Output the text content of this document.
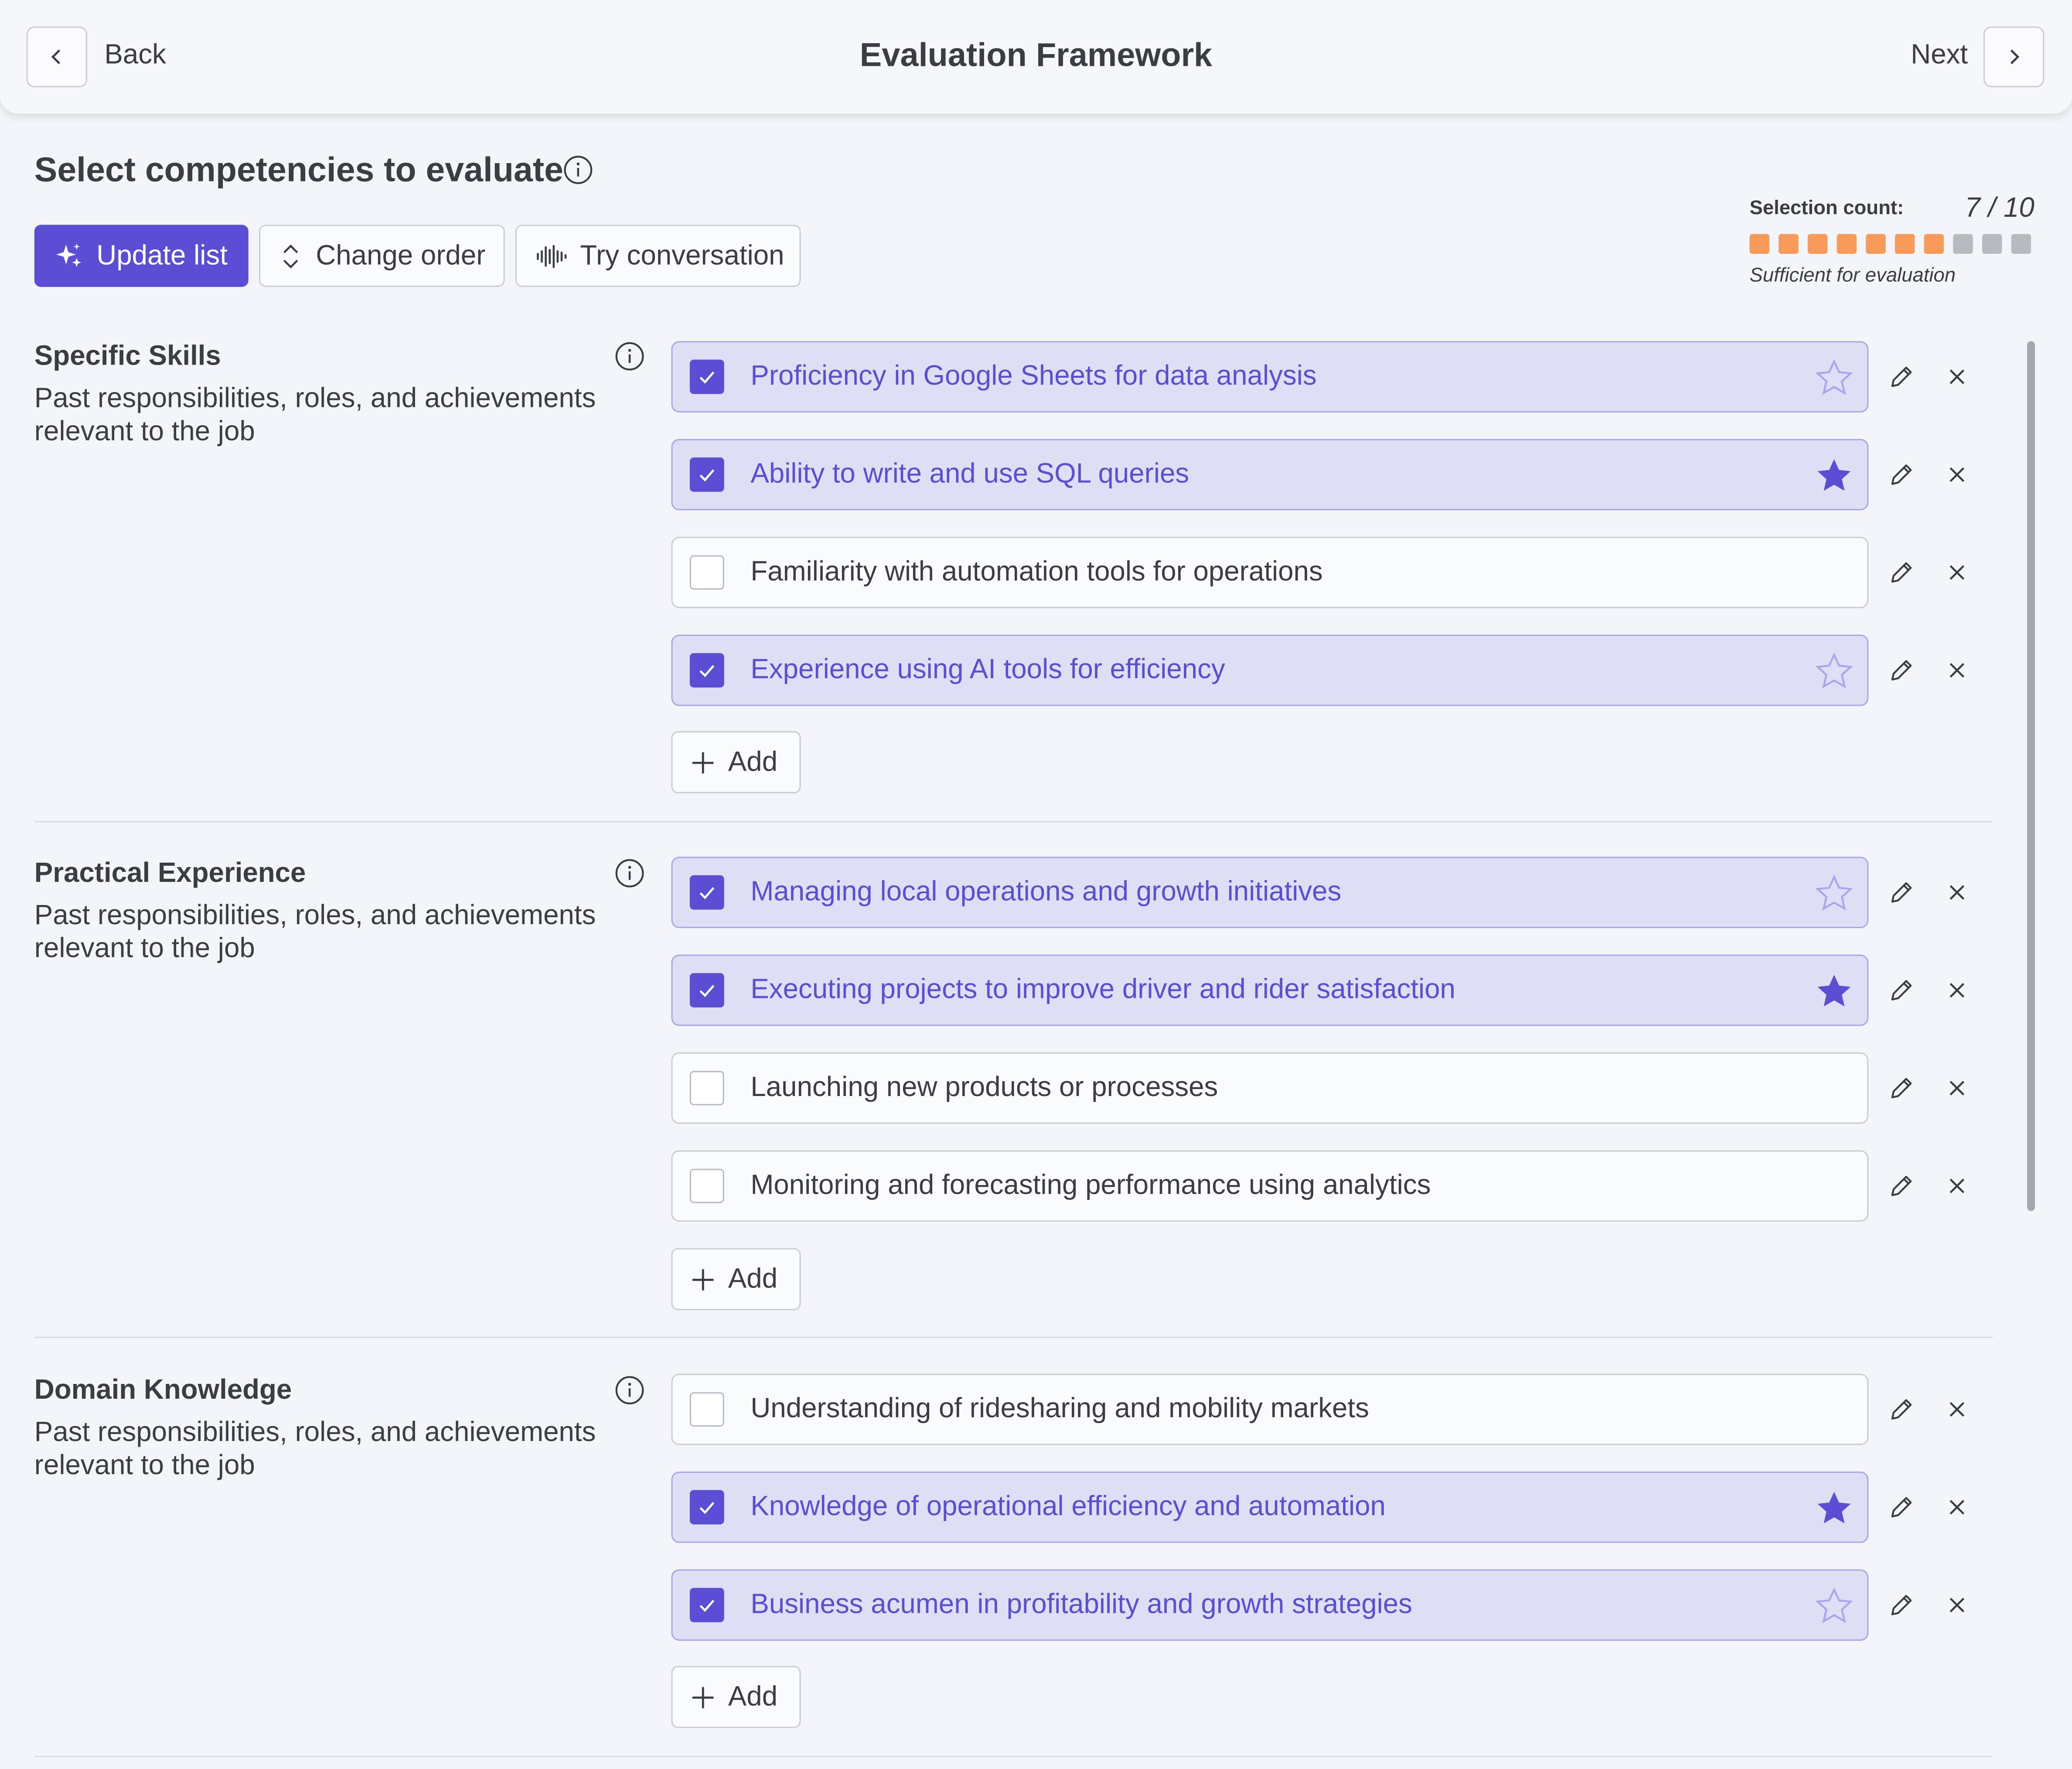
Back	Evaluation Framework	Next
Select competencies to evaluate
Update list	Change order	Try conversation
Selection count:	7 / 10
Sufficient for evaluation
Specific Skills
Past responsibilities, roles, and achievements relevant to the job
Proficiency in Google Sheets for data analysis
Ability to write and use SQL queries
Familiarity with automation tools for operations
Experience using AI tools for efficiency
Add
Practical Experience
Past responsibilities, roles, and achievements relevant to the job
Managing local operations and growth initiatives
Executing projects to improve driver and rider satisfaction
Launching new products or processes
Monitoring and forecasting performance using analytics
Add
Domain Knowledge
Past responsibilities, roles, and achievements relevant to the job
Understanding of ridesharing and mobility markets
Knowledge of operational efficiency and automation
Business acumen in profitability and growth strategies
Add
